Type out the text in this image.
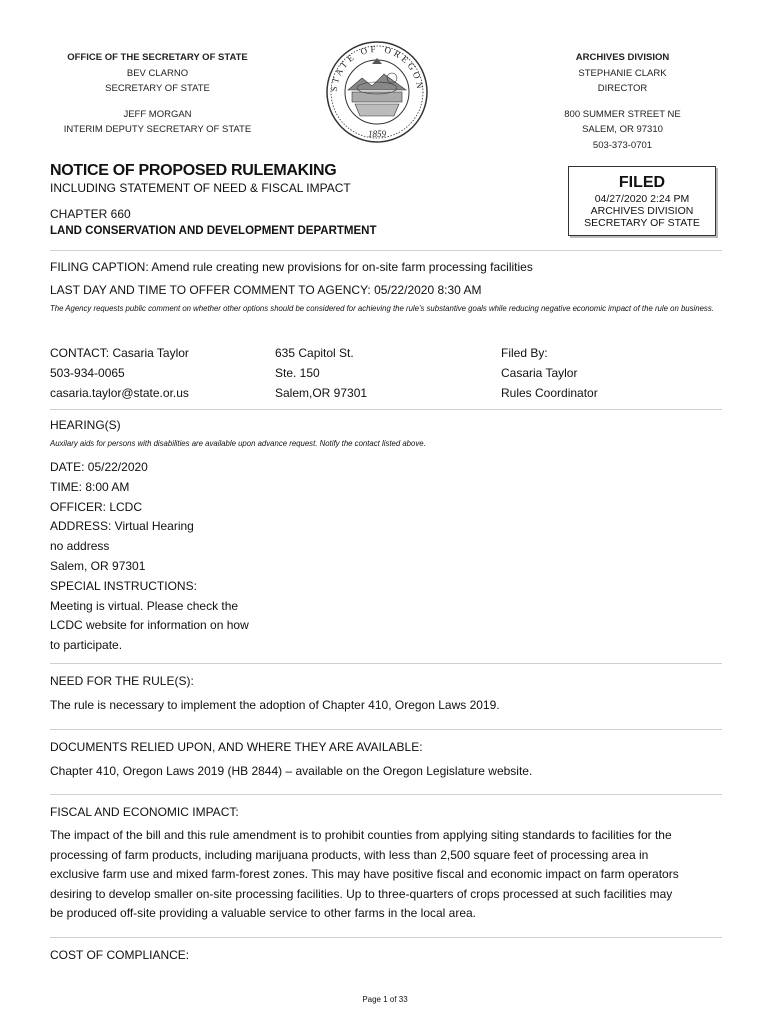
OFFICE OF THE SECRETARY OF STATE
BEV CLARNO
SECRETARY OF STATE
JEFF MORGAN
INTERIM DEPUTY SECRETARY OF STATE
STATE OF OREGON
1859
ARCHIVES DIVISION
STEPHANIE CLARK
DIRECTOR
800 SUMMER STREET NE
SALEM, OR 97310
503-373-0701
NOTICE OF PROPOSED RULEMAKING
INCLUDING STATEMENT OF NEED & FISCAL IMPACT
CHAPTER 660
LAND CONSERVATION AND DEVELOPMENT DEPARTMENT
FILED
04/27/2020 2:24 PM
ARCHIVES DIVISION
SECRETARY OF STATE
FILING CAPTION: Amend rule creating new provisions for on-site farm processing facilities
LAST DAY AND TIME TO OFFER COMMENT TO AGENCY: 05/22/2020 8:30 AM
The Agency requests public comment on whether other options should be considered for achieving the rule's substantive goals while reducing negative economic impact of the rule on business.
CONTACT: Casaria Taylor
503-934-0065
casaria.taylor@state.or.us
635 Capitol St.
Ste. 150
Salem,OR 97301
Filed By:
Casaria Taylor
Rules Coordinator
HEARING(S)
Auxilary aids for persons with disabilities are available upon advance request. Notify the contact listed above.
DATE: 05/22/2020
TIME: 8:00 AM
OFFICER: LCDC
ADDRESS: Virtual Hearing
no address
Salem, OR 97301
SPECIAL INSTRUCTIONS:
Meeting is virtual. Please check the
LCDC website for information on how
to participate.
NEED FOR THE RULE(S):
The rule is necessary to implement the adoption of Chapter 410, Oregon Laws 2019.
DOCUMENTS RELIED UPON, AND WHERE THEY ARE AVAILABLE:
Chapter 410, Oregon Laws 2019 (HB 2844) – available on the Oregon Legislature website.
FISCAL AND ECONOMIC IMPACT:
The impact of the bill and this rule amendment is to prohibit counties from applying siting standards to facilities for the
processing of farm products, including marijuana products, with less than 2,500 square feet of processing area in
exclusive farm use and mixed farm-forest zones. This may have positive fiscal and economic impact on farm operators
desiring to develop smaller on-site processing facilities. Up to three-quarters of crops processed at such facilities may
be produced off-site providing a valuable service to other farms in the local area.
COST OF COMPLIANCE:
Page 1 of 33
